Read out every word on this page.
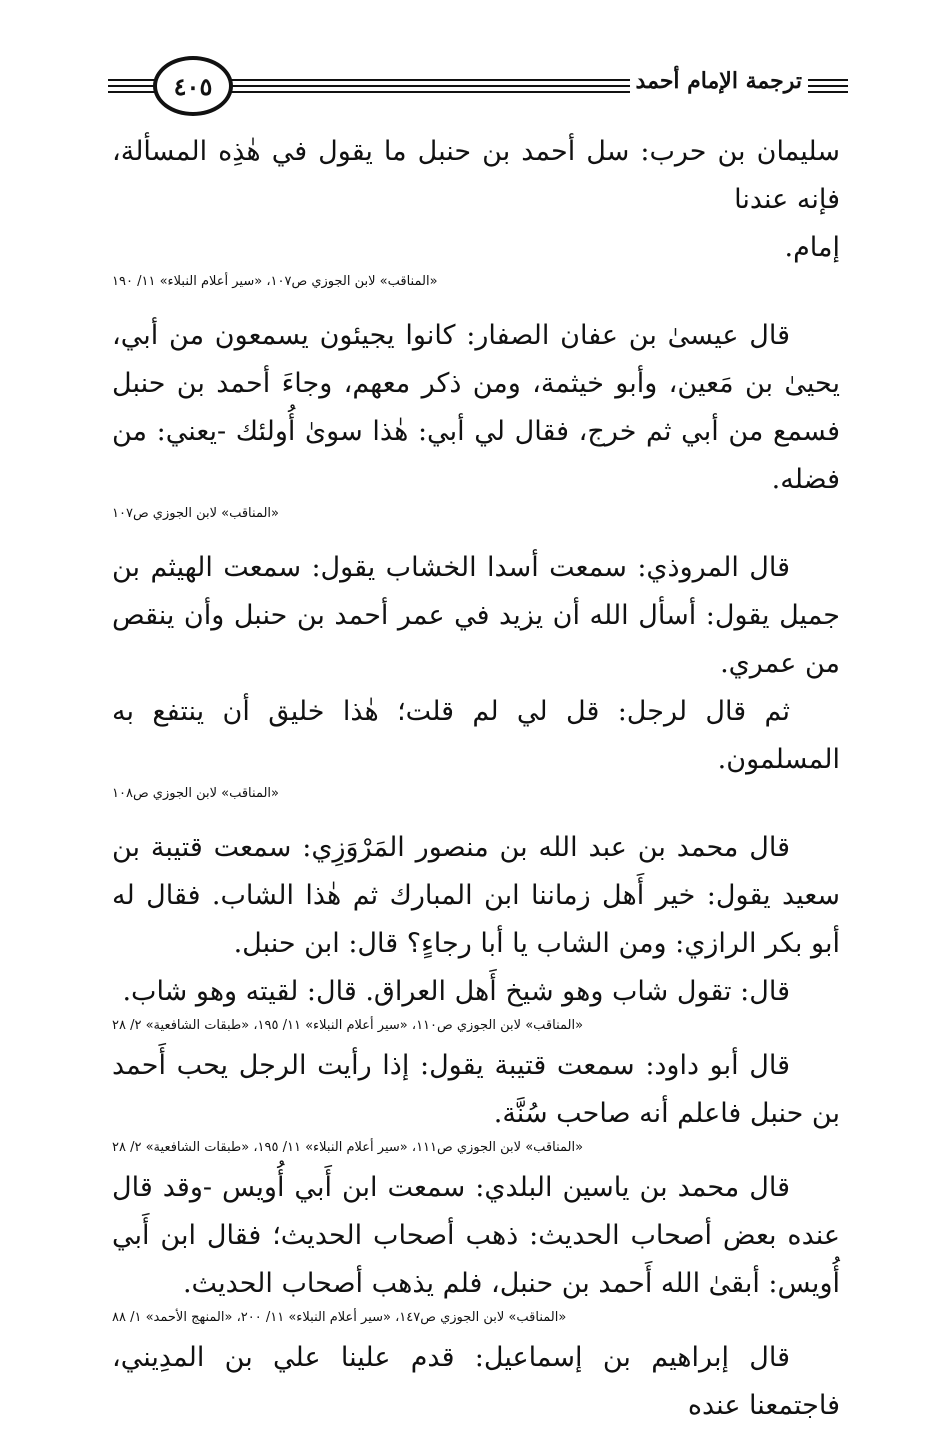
٤٠٥	ترجمة الإمام أحمد

سليمان بن حرب: سل أحمد بن حنبل ما يقول في هٰذِه المسألة، فإنه عندنا

إمام.

«المناقب» لابن الجوزي ص١٠٧، «سير أعلام النبلاء» ١١/ ١٩٠

قال عيسىٰ بن عفان الصفار: كانوا يجيئون يسمعون من أبي، يحيىٰ بن مَعين، وأبو خيثمة، ومن ذكر معهم، وجاءَ أحمد بن حنبل فسمع من أبي ثم خرج، فقال لي أبي: هٰذا سوىٰ أُولئك -يعني: من فضله.

«المناقب» لابن الجوزي ص١٠٧

قال المروذي: سمعت أسدا الخشاب يقول: سمعت الهيثم بن جميل يقول: أسأل الله أن يزيد في عمر أحمد بن حنبل وأن ينقص من عمري.

ثم قال لرجل: قل لي لم قلت؛ هٰذا خليق أن ينتفع به المسلمون.

«المناقب» لابن الجوزي ص١٠٨

قال محمد بن عبد الله بن منصور المَرْوَزِي: سمعت قتيبة بن سعيد يقول: خير أَهل زماننا ابن المبارك ثم هٰذا الشاب. فقال له أبو بكر الرازي: ومن الشاب يا أبا رجاءٍ؟ قال: ابن حنبل.

قال: تقول شاب وهو شيخ أَهل العراق. قال: لقيته وهو شاب.

«المناقب» لابن الجوزي ص١١٠، «سير أعلام النبلاء» ١١/ ١٩٥، «طبقات الشافعية» ٢/ ٢٨

قال أبو داود: سمعت قتيبة يقول: إذا رأيت الرجل يحب أَحمد بن حنبل فاعلم أنه صاحب سُنَّة.

«المناقب» لابن الجوزي ص١١١، «سير أعلام النبلاء» ١١/ ١٩٥، «طبقات الشافعية» ٢/ ٢٨

قال محمد بن ياسين البلدي: سمعت ابن أَبي أُويس -وقد قال عنده بعض أصحاب الحديث: ذهب أصحاب الحديث؛ فقال ابن أَبي أُويس: أبقىٰ الله أَحمد بن حنبل، فلم يذهب أصحاب الحديث.

«المناقب» لابن الجوزي ص١٤٧، «سير أعلام النبلاء» ١١/ ٢٠٠، «المنهج الأحمد» ١/ ٨٨

قال إبراهيم بن إسماعيل: قدم علينا علي بن المدِيني، فاجتمعنا عنده
